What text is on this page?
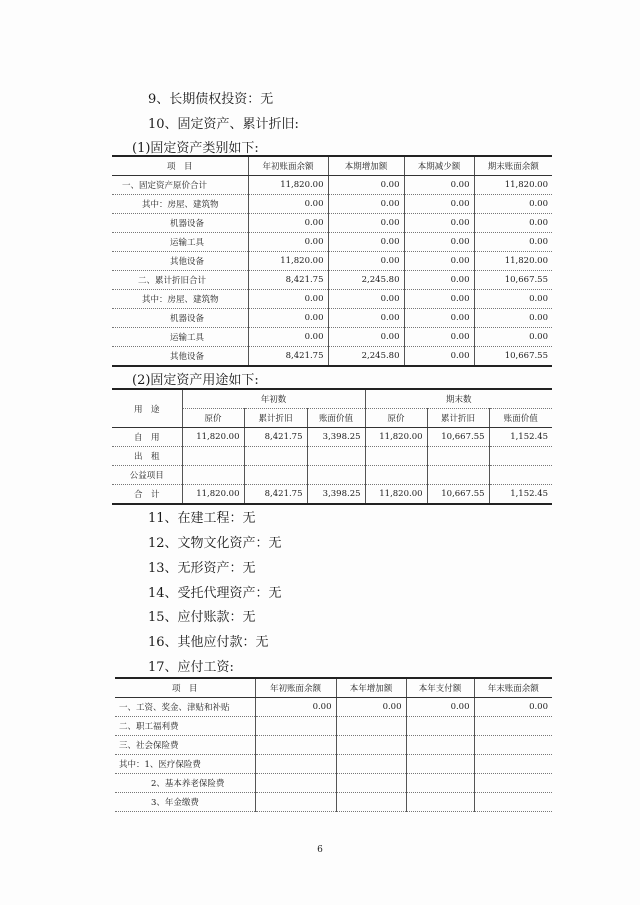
9、长期债权投资：无
10、固定资产、累计折旧:
(1)固定资产类别如下:
项　目	年初账面余额	本期增加额	本期减少额	期末账面余额
一、固定资产原价合计	11,820.00	0.00	0.00	11,820.00
其中：房屋、建筑物	0.00	0.00	0.00	0.00
机器设备	0.00	0.00	0.00	0.00
运输工具	0.00	0.00	0.00	0.00
其他设备	11,820.00	0.00	0.00	11,820.00
二、累计折旧合计	8,421.75	2,245.80	0.00	10,667.55
其中：房屋、建筑物	0.00	0.00	0.00	0.00
机器设备	0.00	0.00	0.00	0.00
运输工具	0.00	0.00	0.00	0.00
其他设备	8,421.75	2,245.80	0.00	10,667.55
(2)固定资产用途如下:
用　途	年初数			期末数		
	原价	累计折旧	账面价值	原价	累计折旧	账面价值
自　用	11,820.00	8,421.75	3,398.25	11,820.00	10,667.55	1,152.45
出　租						
公益项目						
合　计	11,820.00	8,421.75	3,398.25	11,820.00	10,667.55	1,152.45
11、在建工程：无
12、文物文化资产：无
13、无形资产：无
14、受托代理资产：无
15、应付账款：无
16、其他应付款：无
17、应付工资:
项　目	年初账面余额	本年增加额	本年支付额	年末账面余额
一、工资、奖金、津贴和补贴	0.00	0.00	0.00	0.00
二、职工福利费				
三、社会保险费				
其中：1、医疗保险费				
2、基本养老保险费				
3、年金缴费				
6
